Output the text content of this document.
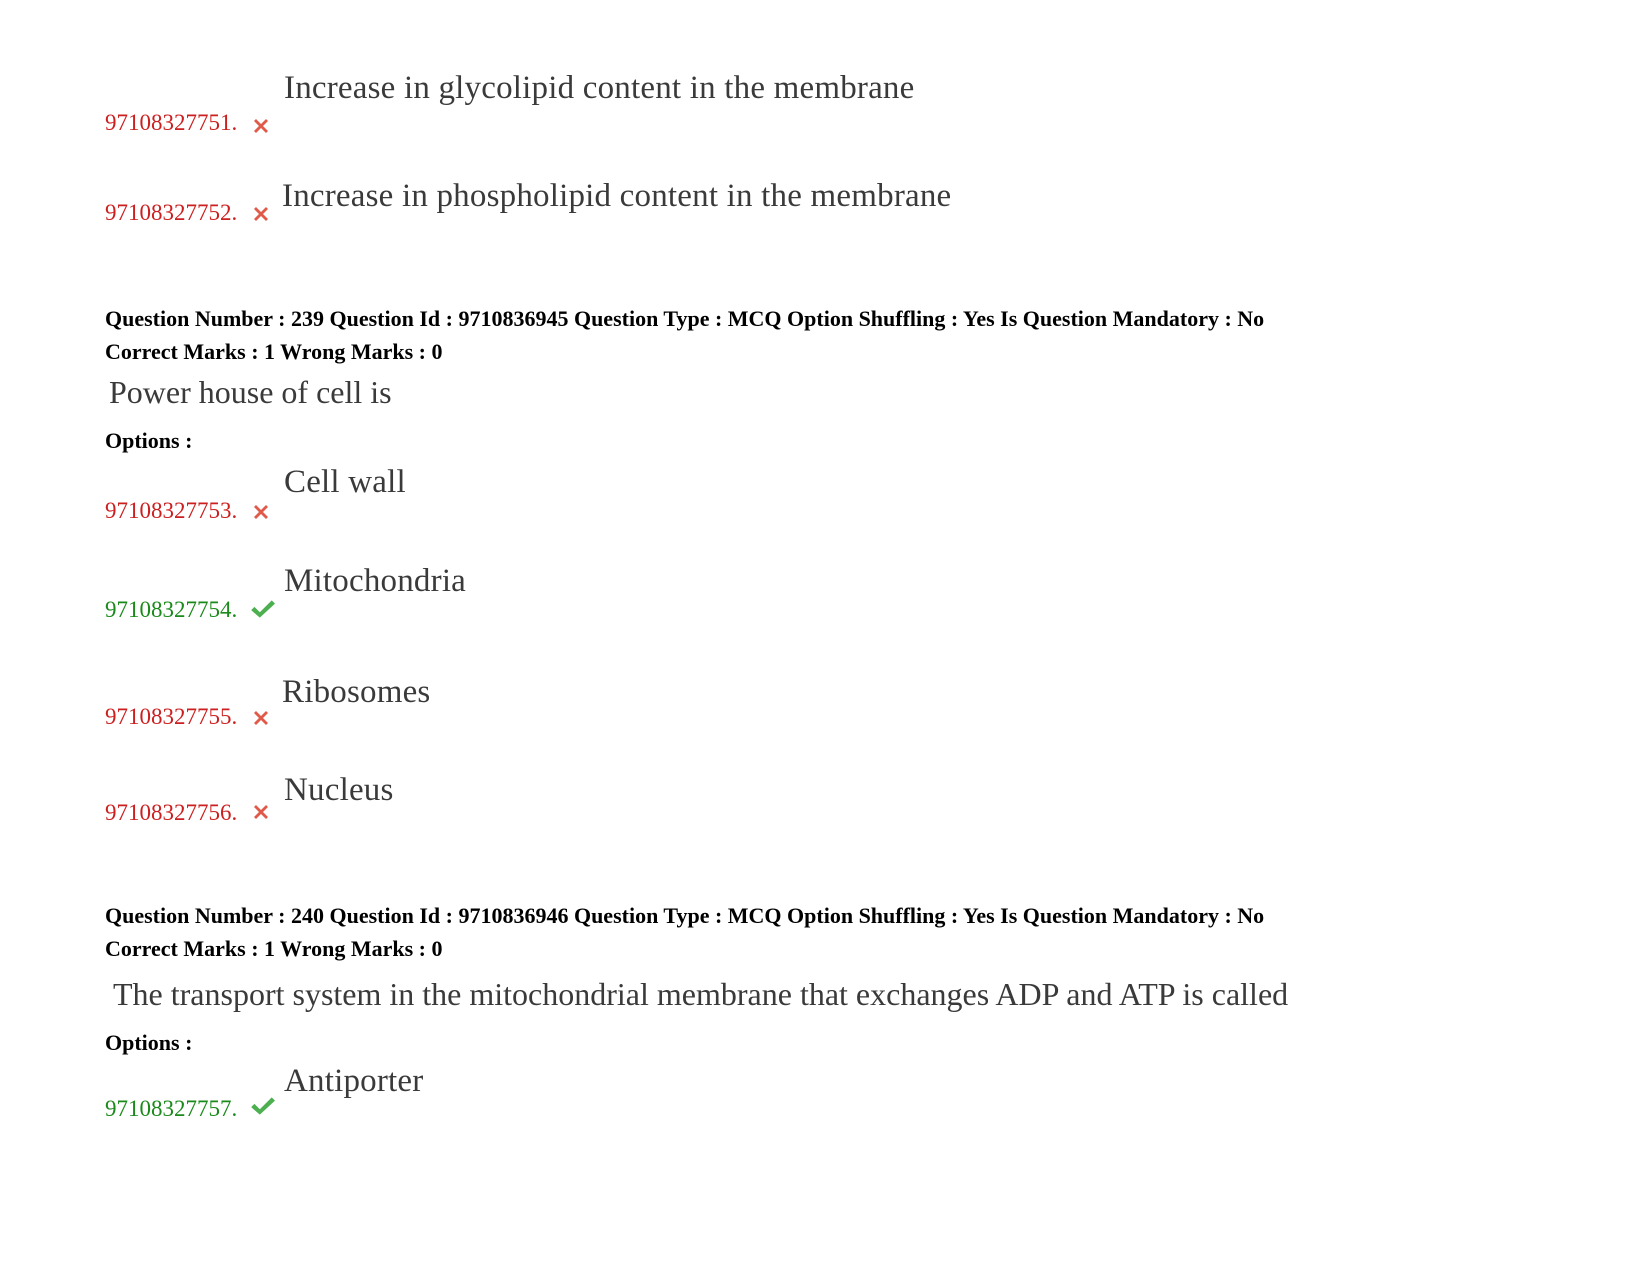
Increase in glycolipid content in the membrane
97108327751.
Increase in phospholipid content in the membrane
97108327752.
Question Number : 239 Question Id : 9710836945 Question Type : MCQ Option Shuffling : Yes Is Question Mandatory : No
Correct Marks : 1 Wrong Marks : 0
Power house of cell is
Options :
Cell wall
97108327753.
Mitochondria
97108327754.
Ribosomes
97108327755.
Nucleus
97108327756.
Question Number : 240 Question Id : 9710836946 Question Type : MCQ Option Shuffling : Yes Is Question Mandatory : No
Correct Marks : 1 Wrong Marks : 0
The transport system in the mitochondrial membrane that exchanges ADP and ATP is called
Options :
Antiporter
97108327757.
